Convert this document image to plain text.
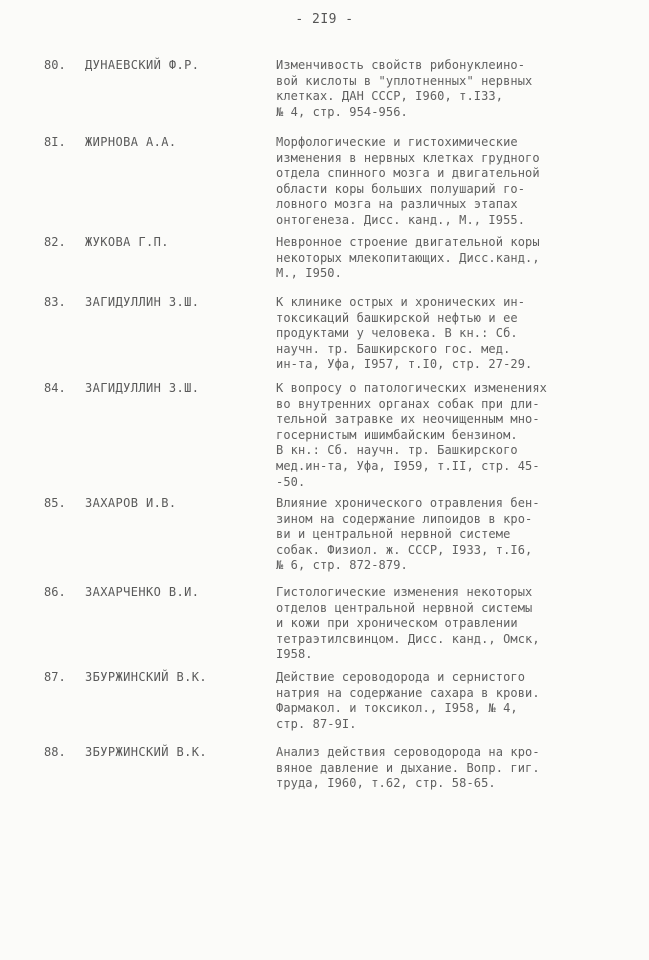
- 2I9 -
80. ДУНАЕВСКИЙ Ф.Р.	Изменчивость свойств рибонуклеино-
вой кислоты в "уплотненных" нервных
клетках. ДАН СССР, I960, т.I33,
№ 4, стр. 954-956.
8I. ЖИРНОВА А.А.	Морфологические и гистохимические
изменения в нервных клетках грудного
отдела спинного мозга и двигательной
области коры больших полушарий го-
ловного мозга на различных этапах
онтогенеза. Дисс. канд., М., I955.
82. ЖУКОВА Г.П.	Невронное строение двигательной коры
некоторых млекопитающих. Дисс.канд.,
М., I950.
83. ЗАГИДУЛЛИН З.Ш.	К клинике острых и хронических ин-
токсикаций башкирской нефтью и ее
продуктами у человека. В кн.: Сб.
научн. тр. Башкирского гос. мед.
ин-та, Уфа, I957, т.I0, стр. 27-29.
84. ЗАГИДУЛЛИН З.Ш.	К вопросу о патологических изменениях
во внутренних органах собак при дли-
тельной затравке их неочищенным мно-
госернистым ишимбайским бензином.
В кн.: Сб. научн. тр. Башкирского
мед.ин-та, Уфа, I959, т.II, стр. 45-
-50.
85. ЗАХАРОВ И.В.	Влияние хронического отравления бен-
зином на содержание липоидов в кро-
ви и центральной нервной системе
собак. Физиол. ж. СССР, I933, т.I6,
№ 6, стр. 872-879.
86. ЗАХАРЧЕНКО В.И.	Гистологические изменения некоторых
отделов центральной нервной системы
и кожи при хроническом отравлении
тетраэтилсвинцом. Дисс. канд., Омск,
I958.
87. ЗБУРЖИНСКИЙ В.К.	Действие сероводорода и сернистого
натрия на содержание сахара в крови.
Фармакол. и токсикол., I958, № 4,
стр. 87-9I.
88. ЗБУРЖИНСКИЙ В.К.	Анализ действия сероводорода на кро-
вяное давление и дыхание. Вопр. гиг.
труда, I960, т.62, стр. 58-65.
